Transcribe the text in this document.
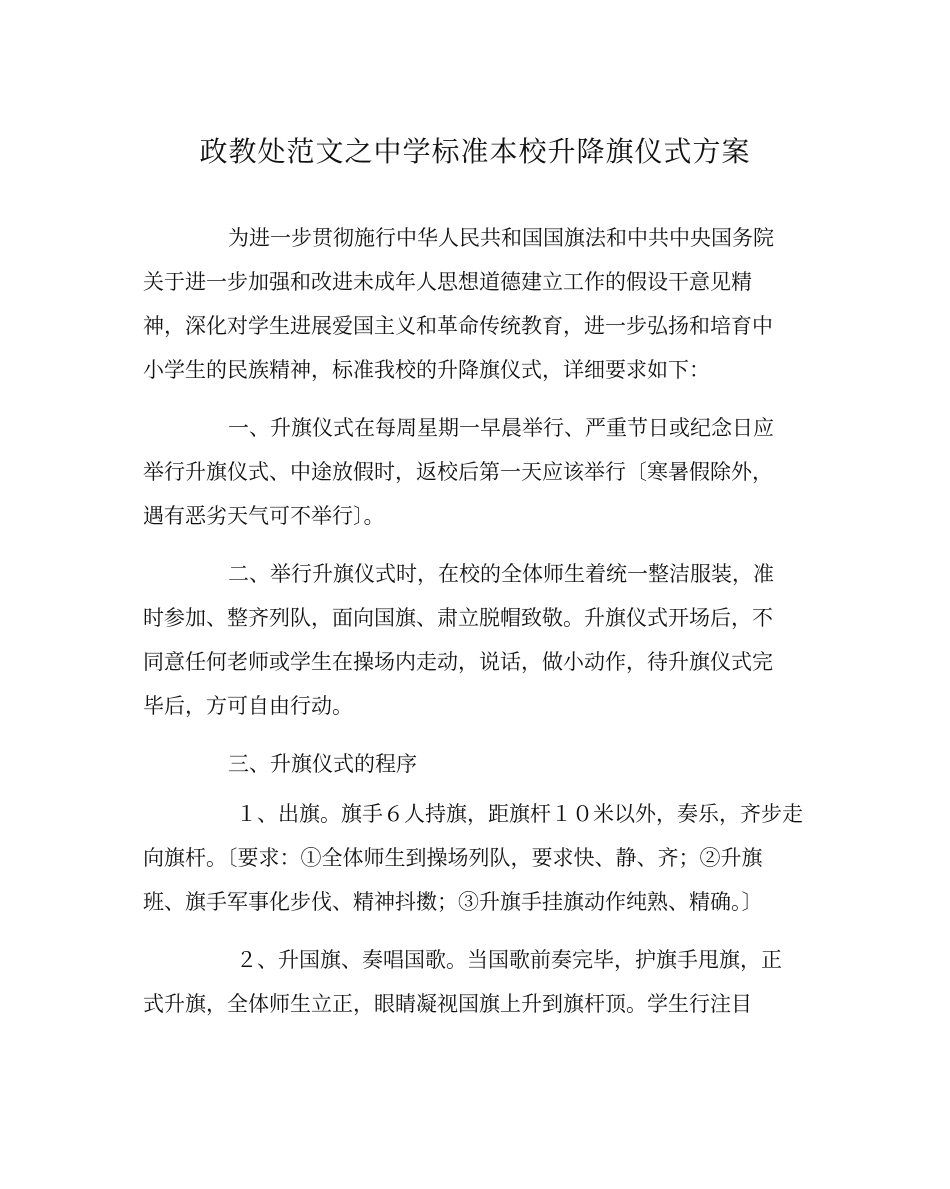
政教处范文之中学标准本校升降旗仪式方案
为进一步贯彻施行中华人民共和国国旗法和中共中央国务院
关于进一步加强和改进未成年人思想道德建立工作的假设干意见精
神，深化对学生进展爱国主义和革命传统教育，进一步弘扬和培育中
小学生的民族精神，标准我校的升降旗仪式，详细要求如下：
一、升旗仪式在每周星期一早晨举行、严重节日或纪念日应
举行升旗仪式、中途放假时，返校后第一天应该举行〔寒暑假除外，
遇有恶劣天气可不举行〕。
二、举行升旗仪式时，在校的全体师生着统一整洁服装，准
时参加、整齐列队，面向国旗、肃立脱帽致敬。升旗仪式开场后，不
同意任何老师或学生在操场内走动，说话，做小动作，待升旗仪式完
毕后，方可自由行动。
三、升旗仪式的程序
１、出旗。旗手６人持旗，距旗杆１０米以外，奏乐，齐步走
向旗杆。〔要求：①全体师生到操场列队，要求快、静、齐；②升旗
班、旗手军事化步伐、精神抖擞；③升旗手挂旗动作纯熟、精确。〕
２、升国旗、奏唱国歌。当国歌前奏完毕，护旗手甩旗，正
式升旗，全体师生立正，眼睛凝视国旗上升到旗杆顶。学生行注目
